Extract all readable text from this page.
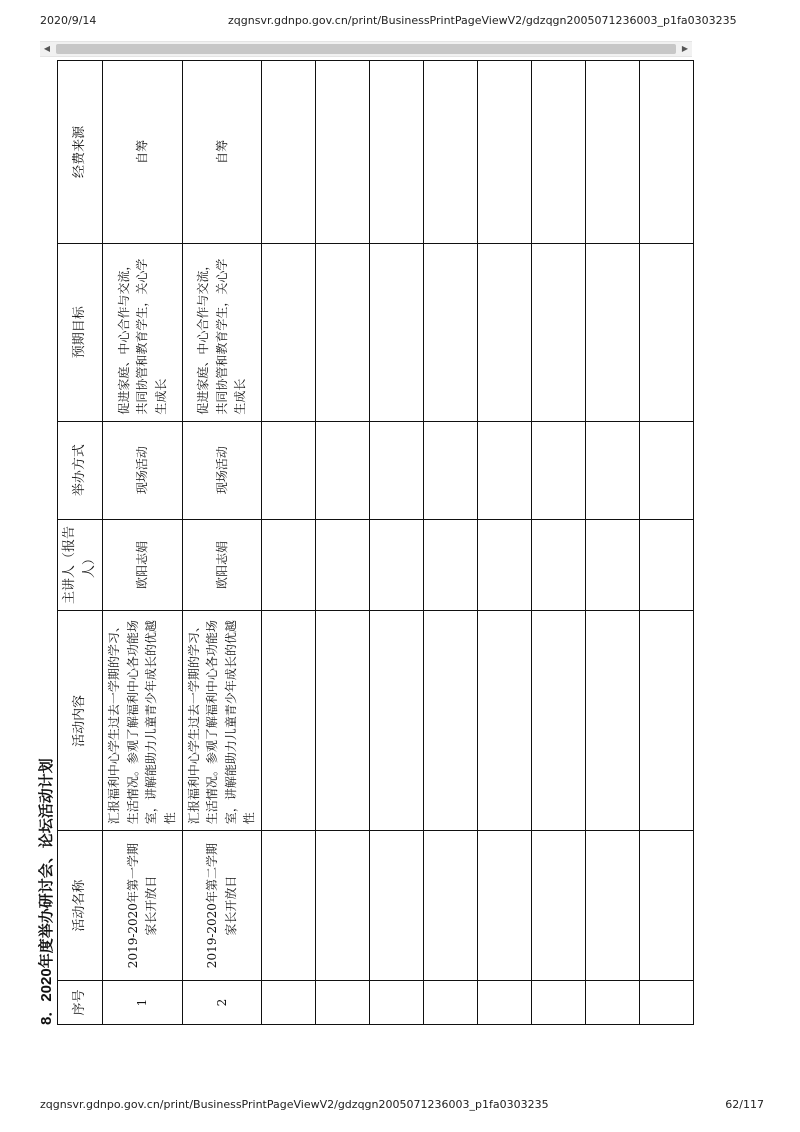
2020/9/14	zqgnsvr.gdnpo.gov.cn/print/BusinessPrintPageViewV2/gdzqgn2005071236003_p1fa0303235
◀	▶
8．2020年度举办研讨会、论坛活动计划	序号	活动名称	活动内容	主讲人（报告人）	举办方式	预期目标	经费来源
1	2019-2020年第一学期家长开放日	汇报福利中心学生过去一学期的学习、生活情况。参观了解福利中心各功能场室，讲解能助力儿童青少年成长的优越性	欧阳志娟	现场活动	促进家庭、中心合作与交流，共同协管和教育学生，关心学生成长	自筹
2	2019-2020年第二学期家长开放日	汇报福利中心学生过去一学期的学习、生活情况。参观了解福利中心各功能场室，讲解能助力儿童青少年成长的优越性	欧阳志娟	现场活动	促进家庭、中心合作与交流，共同协管和教育学生，关心学生成长	自筹

zqgnsvr.gdnpo.gov.cn/print/BusinessPrintPageViewV2/gdzqgn2005071236003_p1fa0303235	62/117
